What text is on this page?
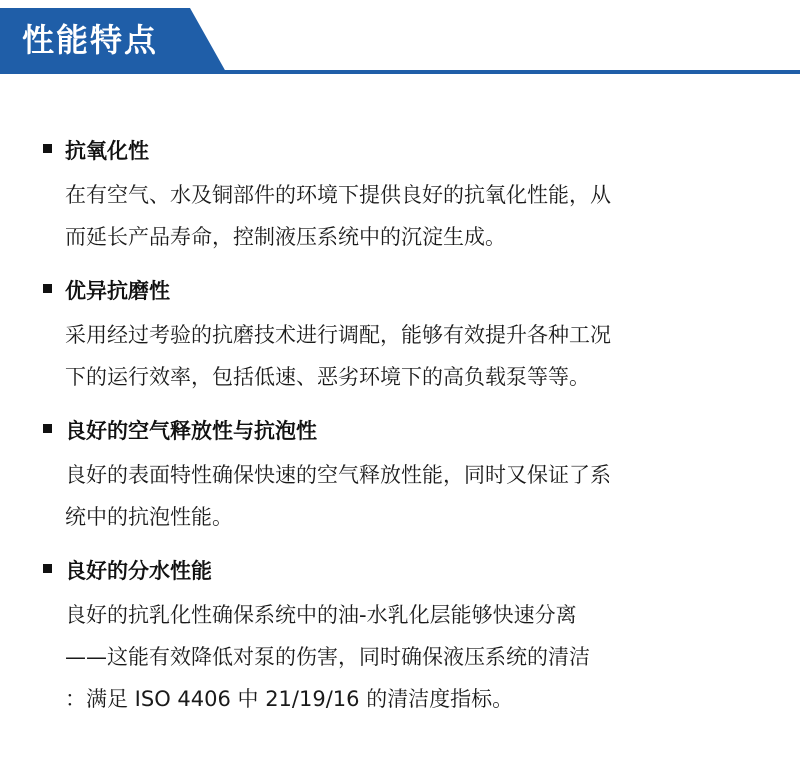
性能特点
抗氧化性
在有空气、水及铜部件的环境下提供良好的抗氧化性能，从
而延长产品寿命，控制液压系统中的沉淀生成。
优异抗磨性
采用经过考验的抗磨技术进行调配，能够有效提升各种工况
下的运行效率，包括低速、恶劣环境下的高负载泵等等。
良好的空气释放性与抗泡性
良好的表面特性确保快速的空气释放性能，同时又保证了系
统中的抗泡性能。
良好的分水性能
良好的抗乳化性确保系统中的油-水乳化层能够快速分离
——这能有效降低对泵的伤害，同时确保液压系统的清洁
：满足 ISO 4406 中 21/19/16 的清洁度指标。
